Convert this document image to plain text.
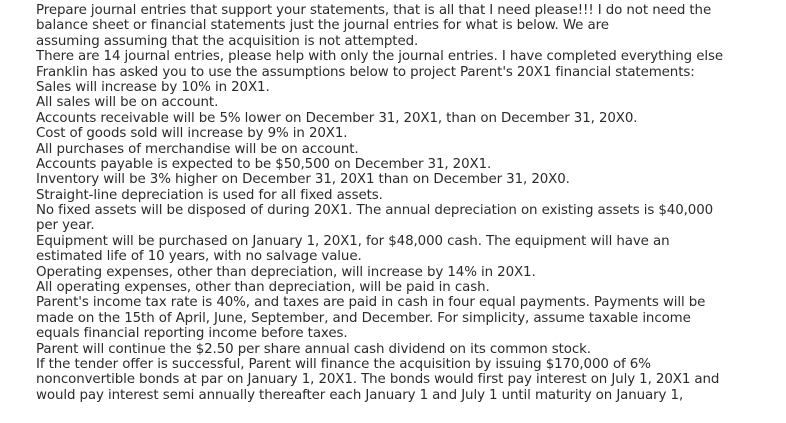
Prepare journal entries that support your statements, that is all that I need please!!! I do not need the
balance sheet or financial statements just the journal entries for what is below. We are
assuming assuming that the acquisition is not attempted.
There are 14 journal entries, please help with only the journal entries. I have completed everything else
Franklin has asked you to use the assumptions below to project Parent's 20X1 financial statements:
Sales will increase by 10% in 20X1.
All sales will be on account.
Accounts receivable will be 5% lower on December 31, 20X1, than on December 31, 20X0.
Cost of goods sold will increase by 9% in 20X1.
All purchases of merchandise will be on account.
Accounts payable is expected to be $50,500 on December 31, 20X1.
Inventory will be 3% higher on December 31, 20X1 than on December 31, 20X0.
Straight-line depreciation is used for all fixed assets.
No fixed assets will be disposed of during 20X1. The annual depreciation on existing assets is $40,000
per year.
Equipment will be purchased on January 1, 20X1, for $48,000 cash. The equipment will have an
estimated life of 10 years, with no salvage value.
Operating expenses, other than depreciation, will increase by 14% in 20X1.
All operating expenses, other than depreciation, will be paid in cash.
Parent's income tax rate is 40%, and taxes are paid in cash in four equal payments. Payments will be
made on the 15th of April, June, September, and December. For simplicity, assume taxable income
equals financial reporting income before taxes.
Parent will continue the $2.50 per share annual cash dividend on its common stock.
If the tender offer is successful, Parent will finance the acquisition by issuing $170,000 of 6%
nonconvertible bonds at par on January 1, 20X1. The bonds would first pay interest on July 1, 20X1 and
would pay interest semi annually thereafter each January 1 and July 1 until maturity on January 1,
